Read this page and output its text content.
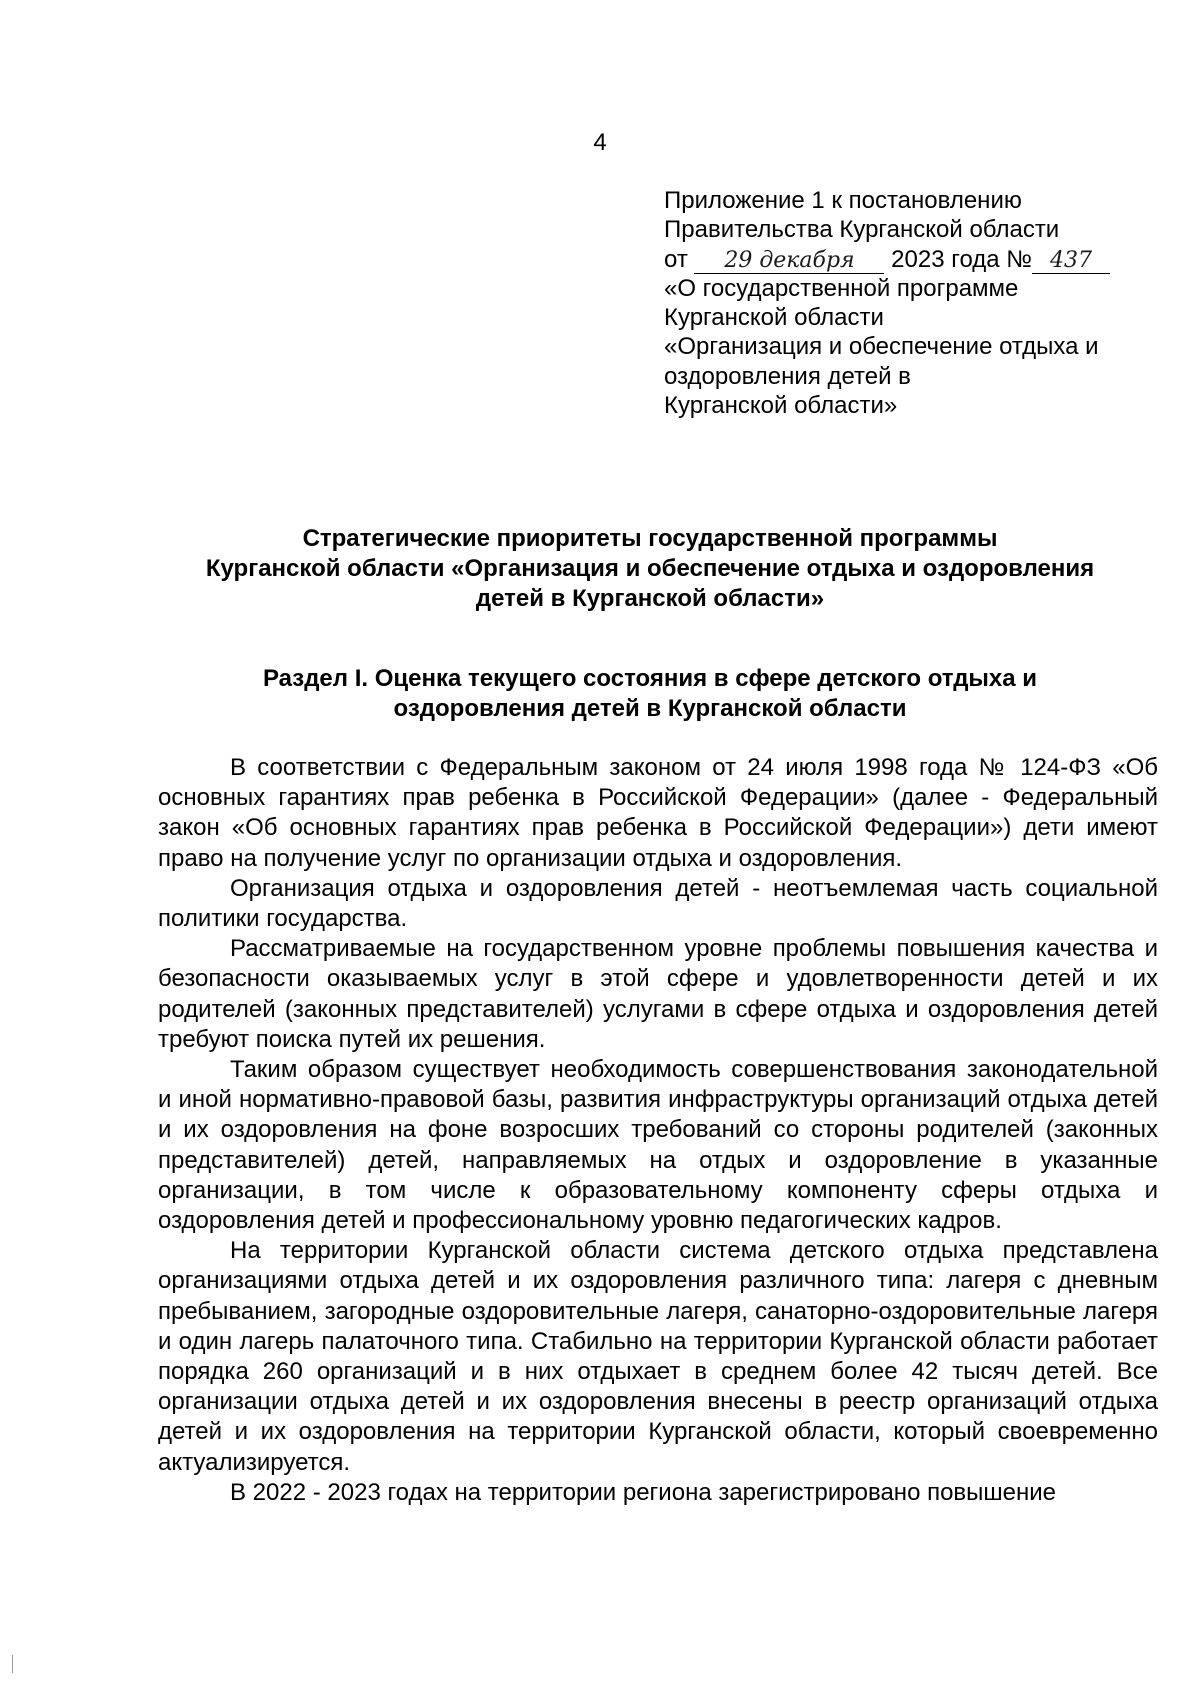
4
Приложение 1 к постановлению
Правительства Курганской области
от 29 декабря 2023 года № 437
«О государственной программе
Курганской области
«Организация и обеспечение отдыха и
оздоровления детей в
Курганской области»
Стратегические приоритеты государственной программы
Курганской области «Организация и обеспечение отдыха и оздоровления
детей в Курганской области»
Раздел I. Оценка текущего состояния в сфере детского отдыха и
оздоровления детей в Курганской области

В соответствии с Федеральным законом от 24 июля 1998 года № 124-ФЗ «Об основных гарантиях прав ребенка в Российской Федерации» (далее - Федеральный закон «Об основных гарантиях прав ребенка в Российской Федерации») дети имеют право на получение услуг по организации отдыха и оздоровления.

Организация отдыха и оздоровления детей - неотъемлемая часть социальной политики государства.

Рассматриваемые на государственном уровне проблемы повышения качества и безопасности оказываемых услуг в этой сфере и удовлетворенности детей и их родителей (законных представителей) услугами в сфере отдыха и оздоровления детей требуют поиска путей их решения.

Таким образом существует необходимость совершенствования законодательной и иной нормативно-правовой базы, развития инфраструктуры организаций отдыха детей и их оздоровления на фоне возросших требований со стороны родителей (законных представителей) детей, направляемых на отдых и оздоровление в указанные организации, в том числе к образовательному компоненту сферы отдыха и оздоровления детей и профессиональному уровню педагогических кадров.

На территории Курганской области система детского отдыха представлена организациями отдыха детей и их оздоровления различного типа: лагеря с дневным пребыванием, загородные оздоровительные лагеря, санаторно-оздоровительные лагеря и один лагерь палаточного типа. Стабильно на территории Курганской области работает порядка 260 организаций и в них отдыхает в среднем более 42 тысяч детей. Все организации отдыха детей и их оздоровления внесены в реестр организаций отдыха детей и их оздоровления на территории Курганской области, который своевременно актуализируется.

В 2022 - 2023 годах на территории региона зарегистрировано повышение
